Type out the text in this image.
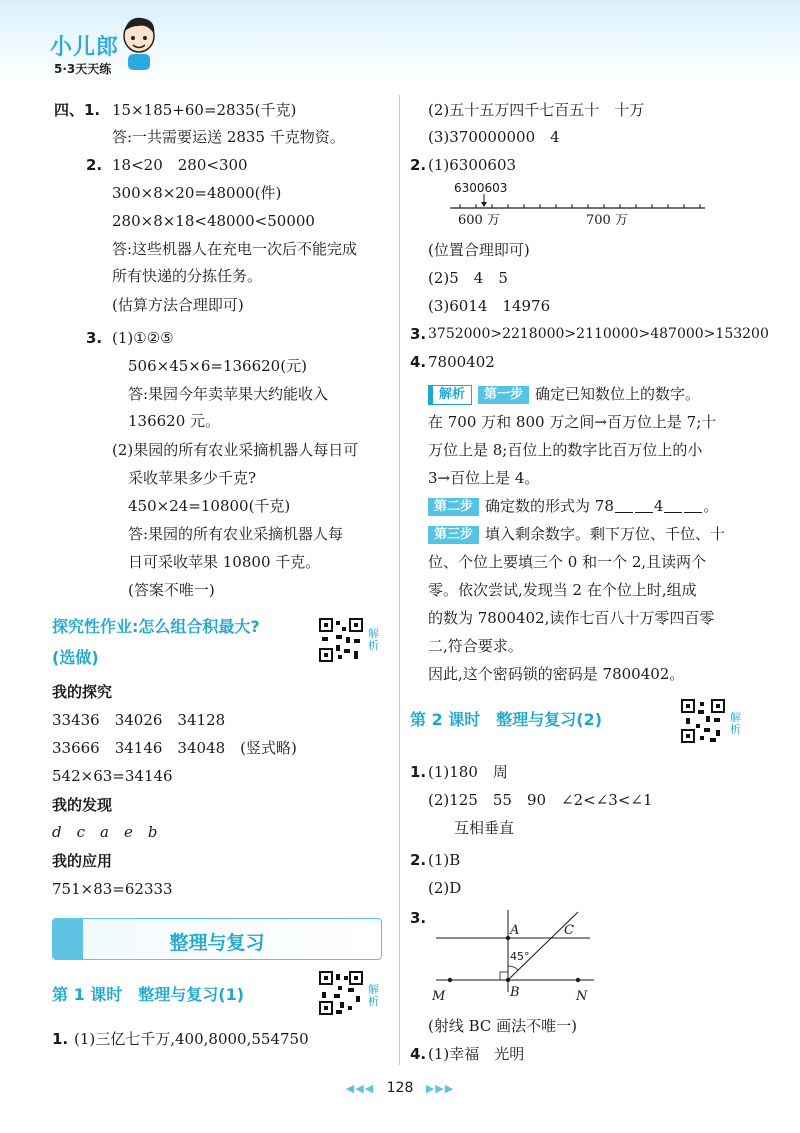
小儿郎
5·3天天练
四、1. 15×185+60=2835(千克)
答:一共需要运送 2835 千克物资。
2. 18<20　280<300
300×8×20=48000(件)
280×8×18<48000<50000
答:这些机器人在充电一次后不能完成
所有快递的分拣任务。
(估算方法合理即可)
3. (1)①②⑤
506×45×6=136620(元)
答:果园今年卖苹果大约能收入
136620 元。
(2)果园的所有农业采摘机器人每日可
采收苹果多少千克?
450×24=10800(千克)
答:果园的所有农业采摘机器人每
日可采收苹果 10800 千克。
(答案不唯一)
探究性作业:怎么组合积最大?
(选做)
解析
我的探究
33436　34026　34128
33666　34146　34048　(竖式略)
542×63=34146
我的发现
d　c　a　e　b
我的应用
751×83=62333
整理与复习
第 1 课时　整理与复习(1)	解析
1. (1)三亿七千万,400,8000,554750
(2)五十五万四千七百五十　十万
(3)370000000　4
2. (1)6300603
6300603
600 万	700 万
(位置合理即可)
(2)5　4　5
(3)6014　14976
3. 3752000>2218000>2110000>487000>153200
4. 7800402
解析 第一步 确定已知数位上的数字。
在 700 万和 800 万之间→百万位上是 7;十
万位上是 8;百位上的数字比百万位上的小
3→百位上是 4。
第二步 确定数的形式为 78	4	。
第三步 填入剩余数字。剩下万位、千位、十
位、个位上要填三个 0 和一个 2,且读两个
零。依次尝试,发现当 2 在个位上时,组成
的数为 7800402,读作七百八十万零四百零
二,符合要求。
因此,这个密码锁的密码是 7800402。
第 2 课时　整理与复习(2)	解析
1. (1)180　周
(2)125　55　90　∠2<∠3<∠1
互相垂直
2. (1)B
(2)D
3.
A	C
45°
B
M	N
(射线 BC 画法不唯一)
4. (1)幸福　光明
◀◀◀ 128 ▶▶▶
